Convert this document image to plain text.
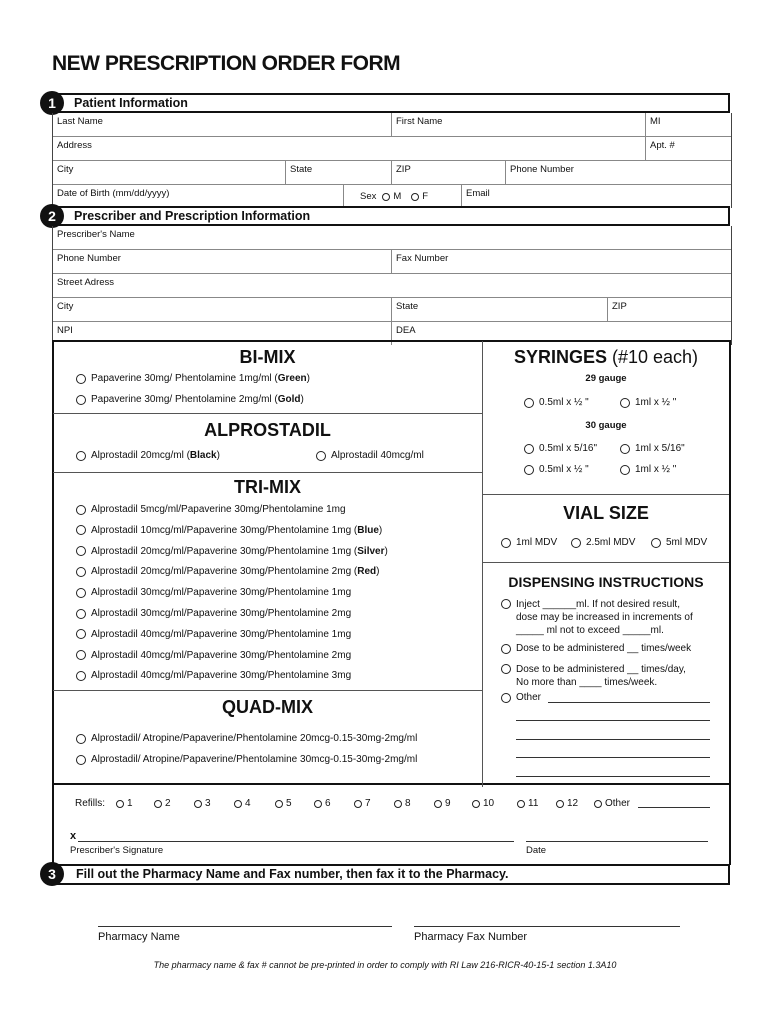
NEW PRESCRIPTION ORDER FORM
1	Patient Information
Last Name	First Name	MI
Address	Apt. #
City	State	ZIP	Phone Number
Date of Birth (mm/dd/yyyy)	Sex M F	Email
2	Prescriber and Prescription Information
Prescriber's Name
Phone Number	Fax Number
Street Adress
City	State	ZIP
NPI	DEA
BI-MIX
Papaverine 30mg/ Phentolamine 1mg/ml ( Green )
Papaverine 30mg/ Phentolamine 2mg/ml ( Gold )
ALPROSTADIL
Alprostadil 20mcg/ml ( Black )	Alprostadil 40mcg/ml
TRI-MIX
Alprostadil 5mcg/ml/Papaverine 30mg/Phentolamine 1mg
Alprostadil 10mcg/ml/Papaverine 30mg/Phentolamine 1mg ( Blue )
Alprostadil 20mcg/ml/Papaverine 30mg/Phentolamine 1mg ( Silver )
Alprostadil 20mcg/ml/Papaverine 30mg/Phentolamine 2mg ( Red )
Alprostadil 30mcg/ml/Papaverine 30mg/Phentolamine 1mg
Alprostadil 30mcg/ml/Papaverine 30mg/Phentolamine 2mg
Alprostadil 40mcg/ml/Papaverine 30mg/Phentolamine 1mg
Alprostadil 40mcg/ml/Papaverine 30mg/Phentolamine 2mg
Alprostadil 40mcg/ml/Papaverine 30mg/Phentolamine 3mg
QUAD-MIX
Alprostadil/ Atropine/Papaverine/Phentolamine 20mcg-0.15-30mg-2mg/ml
Alprostadil/ Atropine/Papaverine/Phentolamine 30mcg-0.15-30mg-2mg/ml
SYRINGES (#10 each)
29 gauge
0.5ml x ½ "	1ml x ½ "
30 gauge
0.5ml x 5/16"	1ml x 5/16"
0.5ml x ½ "	1ml x ½ "
VIAL SIZE
1ml MDV	2.5ml MDV	5ml MDV
DISPENSING INSTRUCTIONS
Inject ______ml. If not desired result,
dose may be increased in increments of
_____ ml not to exceed _____ml.
Dose to be administered __ times/week
Dose to be administered __ times/day,
No more than ____ times/week.
Other
Refills: 1	2	3	4	5	6	7	8	9	10	11	12	Other
x
Prescriber's Signature	Date
3	Fill out the Pharmacy Name and Fax number, then fax it to the Pharmacy.
Pharmacy Name	Pharmacy Fax Number
The pharmacy name & fax # cannot be pre-printed in order to comply with RI Law 216-RICR-40-15-1 section 1.3A10
